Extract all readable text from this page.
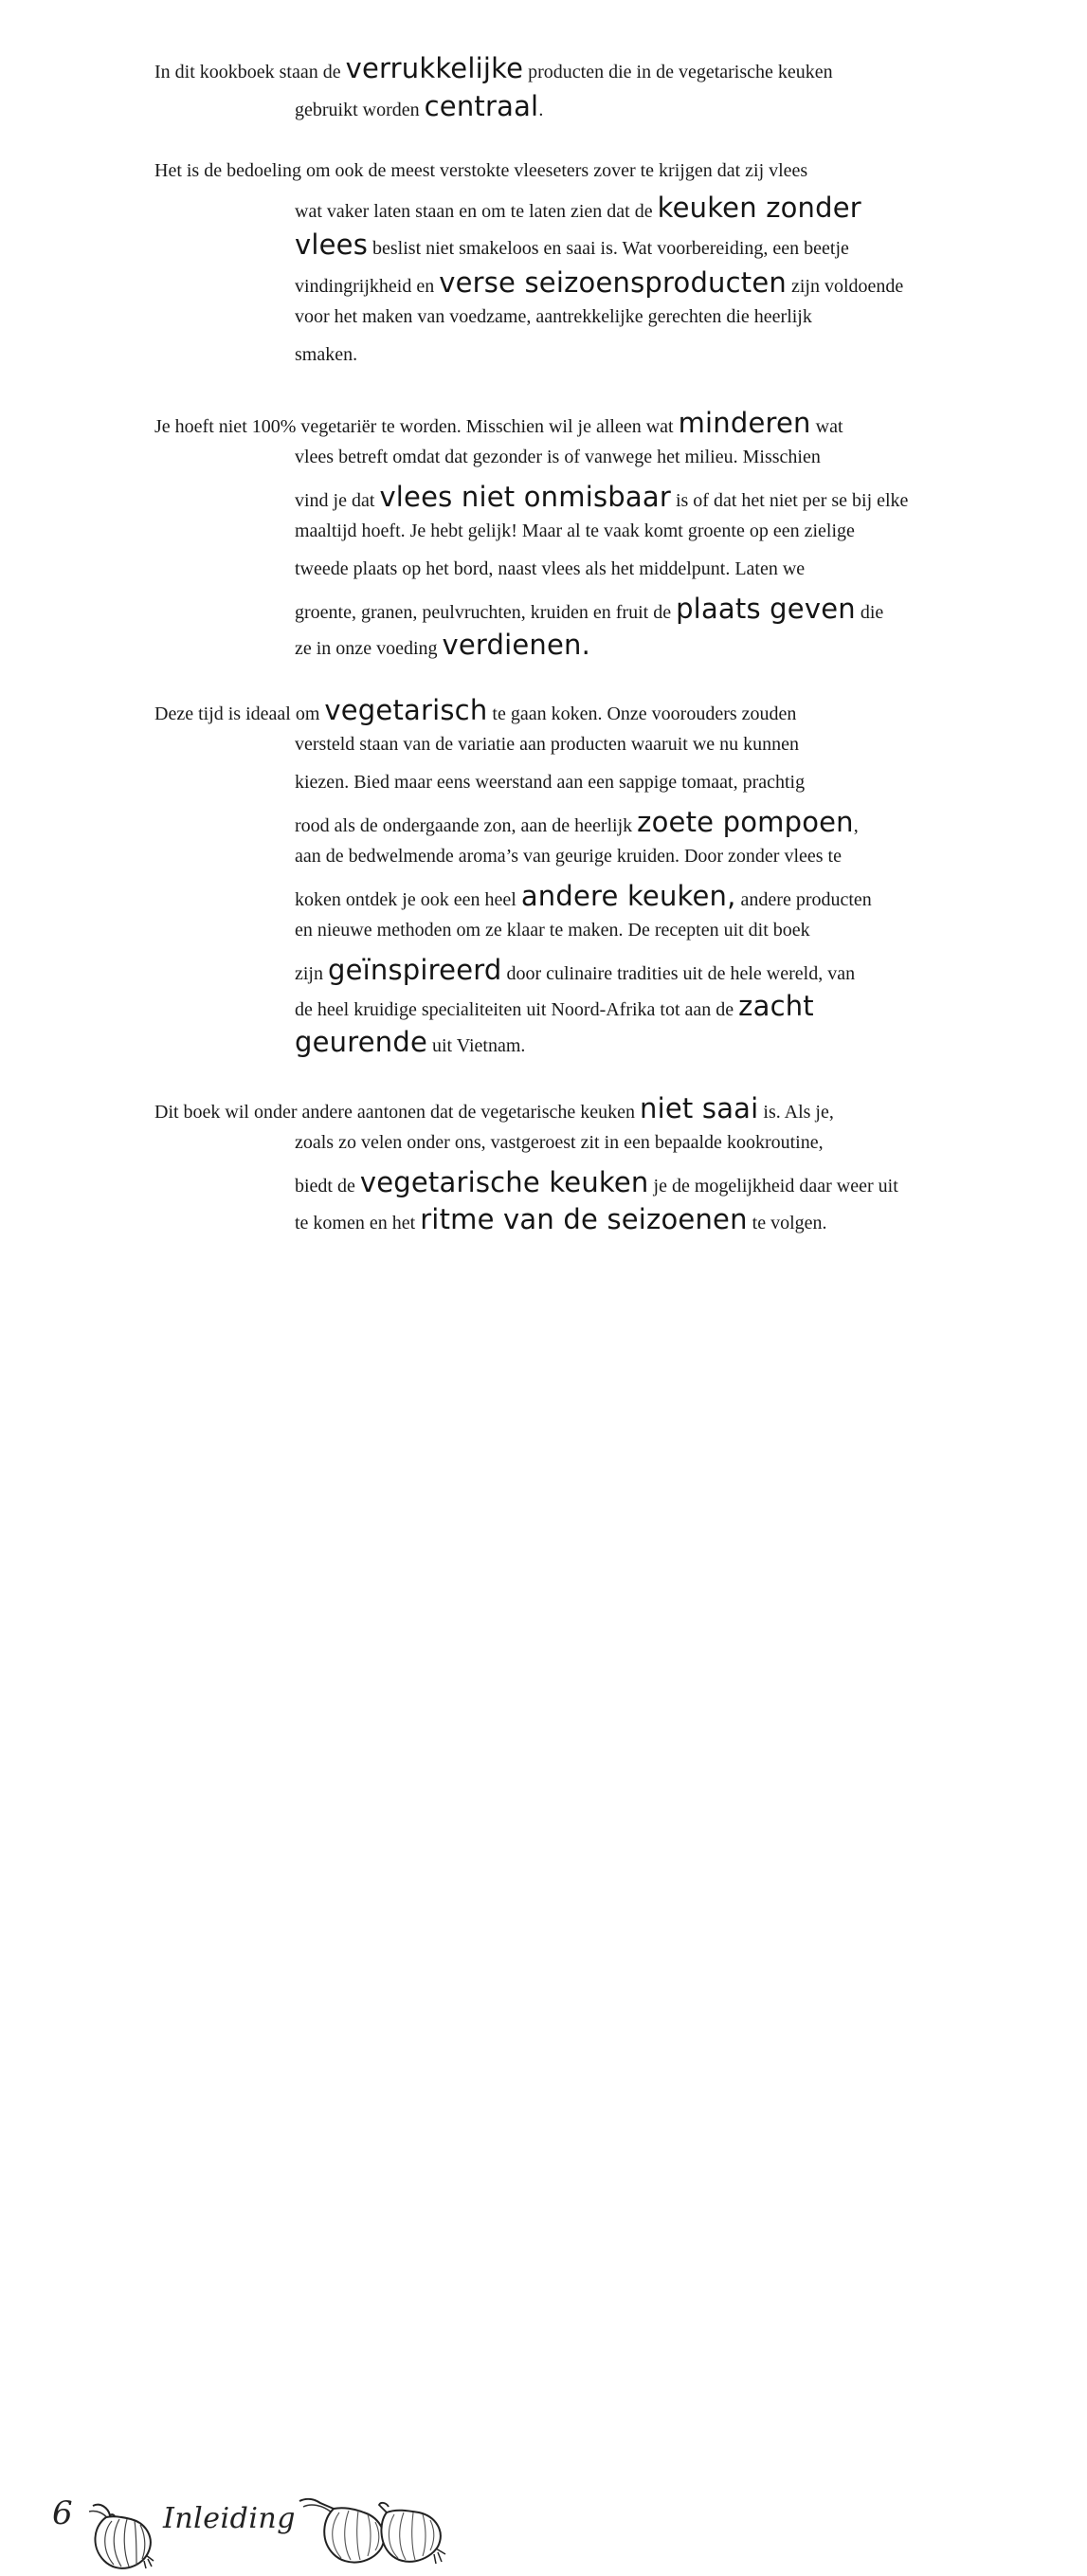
In dit kookboek staan de verrukkelijke producten die in de vegetarische keuken
gebruikt worden centraal.
Het is de bedoeling om ook de meest verstokte vleeseters zover te krijgen dat zij vlees
wat vaker laten staan en om te laten zien dat de keuken zonder
vlees beslist niet smakeloos en saai is. Wat voorbereiding, een beetje
vindingrijkheid en verse seizoensproducten zijn voldoende
voor het maken van voedzame, aantrekkelijke gerechten die heerlijk
smaken.
Je hoeft niet 100% vegetariër te worden. Misschien wil je alleen wat minderen wat
vlees betreft omdat dat gezonder is of vanwege het milieu. Misschien
vind je dat vlees niet onmisbaar is of dat het niet per se bij elke
maaltijd hoeft. Je hebt gelijk! Maar al te vaak komt groente op een zielige
tweede plaats op het bord, naast vlees als het middelpunt. Laten we
groente, granen, peulvruchten, kruiden en fruit de plaats geven die
ze in onze voeding verdienen.
Deze tijd is ideaal om vegetarisch te gaan koken. Onze voorouders zouden
versteld staan van de variatie aan producten waaruit we nu kunnen
kiezen. Bied maar eens weerstand aan een sappige tomaat, prachtig
rood als de ondergaande zon, aan de heerlijk zoete pompoen,
aan de bedwelmende aroma’s van geurige kruiden. Door zonder vlees te
koken ontdek je ook een heel andere keuken, andere producten
en nieuwe methoden om ze klaar te maken. De recepten uit dit boek
zijn geïnspireerd door culinaire tradities uit de hele wereld, van
de heel kruidige specialiteiten uit Noord-Afrika tot aan de zacht
geurende uit Vietnam.
Dit boek wil onder andere aantonen dat de vegetarische keuken niet saai is. Als je,
zoals zo velen onder ons, vastgeroest zit in een bepaalde kookroutine,
biedt de vegetarische keuken je de mogelijkheid daar weer uit
te komen en het ritme van de seizoenen te volgen.
6	Inleiding
